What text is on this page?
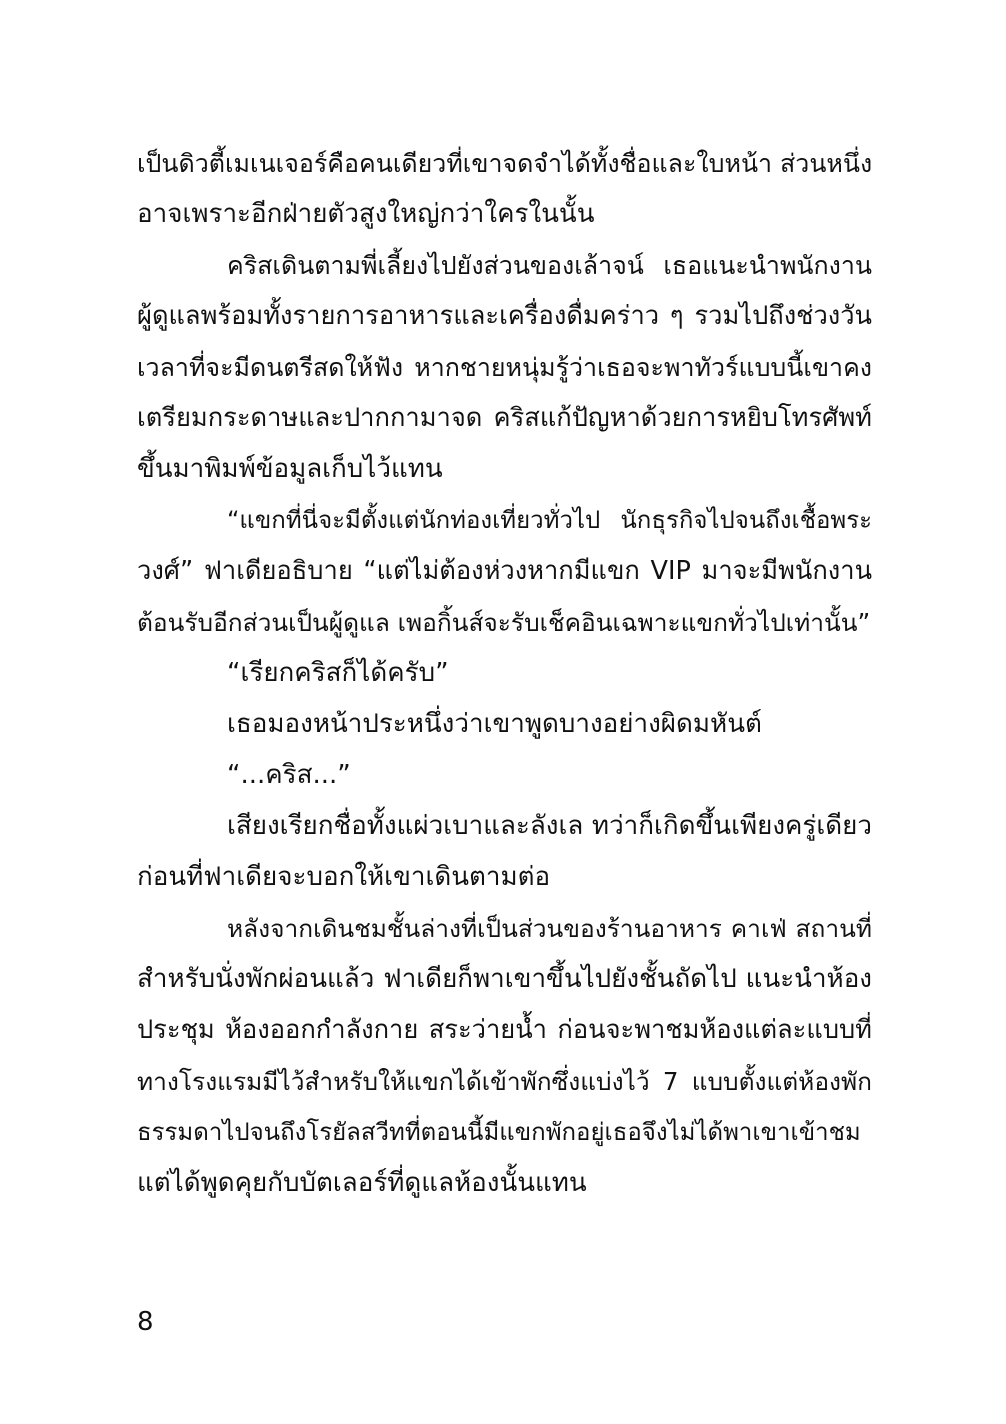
เป็นดิวตี้เมเนเจอร์คือคนเดียวที่เขาจดจำได้ทั้งชื่อและใบหน้า ส่วนหนึ่ง
อาจเพราะอีกฝ่ายตัวสูงใหญ่กว่าใครในนั้น
คริสเดินตามพี่เลี้ยงไปยังส่วนของเล้าจน์ เธอแนะนำพนักงาน
ผู้ดูแลพร้อมทั้งรายการอาหารและเครื่องดื่มคร่าว ๆ รวมไปถึงช่วงวัน
เวลาที่จะมีดนตรีสดให้ฟัง หากชายหนุ่มรู้ว่าเธอจะพาทัวร์แบบนี้เขาคง
เตรียมกระดาษและปากกามาจด คริสแก้ปัญหาด้วยการหยิบโทรศัพท์
ขึ้นมาพิมพ์ข้อมูลเก็บไว้แทน
“แขกที่นี่จะมีตั้งแต่นักท่องเที่ยวทั่วไป นักธุรกิจไปจนถึงเชื้อพระ
วงศ์” ฟาเดียอธิบาย “แต่ไม่ต้องห่วงหากมีแขก VIP มาจะมีพนักงาน
ต้อนรับอีกส่วนเป็นผู้ดูแล เพอกิ้นส์จะรับเช็คอินเฉพาะแขกทั่วไปเท่านั้น”
“เรียกคริสก็ได้ครับ”
เธอมองหน้าประหนึ่งว่าเขาพูดบางอย่างผิดมหันต์
“...คริส...”
เสียงเรียกชื่อทั้งแผ่วเบาและลังเล ทว่าก็เกิดขึ้นเพียงครู่เดียว
ก่อนที่ฟาเดียจะบอกให้เขาเดินตามต่อ
หลังจากเดินชมชั้นล่างที่เป็นส่วนของร้านอาหาร คาเฟ่ สถานที่
สำหรับนั่งพักผ่อนแล้ว ฟาเดียก็พาเขาขึ้นไปยังชั้นถัดไป แนะนำห้อง
ประชุม ห้องออกกำลังกาย สระว่ายน้ำ ก่อนจะพาชมห้องแต่ละแบบที่
ทางโรงแรมมีไว้สำหรับให้แขกได้เข้าพักซึ่งแบ่งไว้ 7 แบบตั้งแต่ห้องพัก
ธรรมดาไปจนถึงโรยัลสวีทที่ตอนนี้มีแขกพักอยู่เธอจึงไม่ได้พาเขาเข้าชม
แต่ได้พูดคุยกับบัตเลอร์ที่ดูแลห้องนั้นแทน
8
